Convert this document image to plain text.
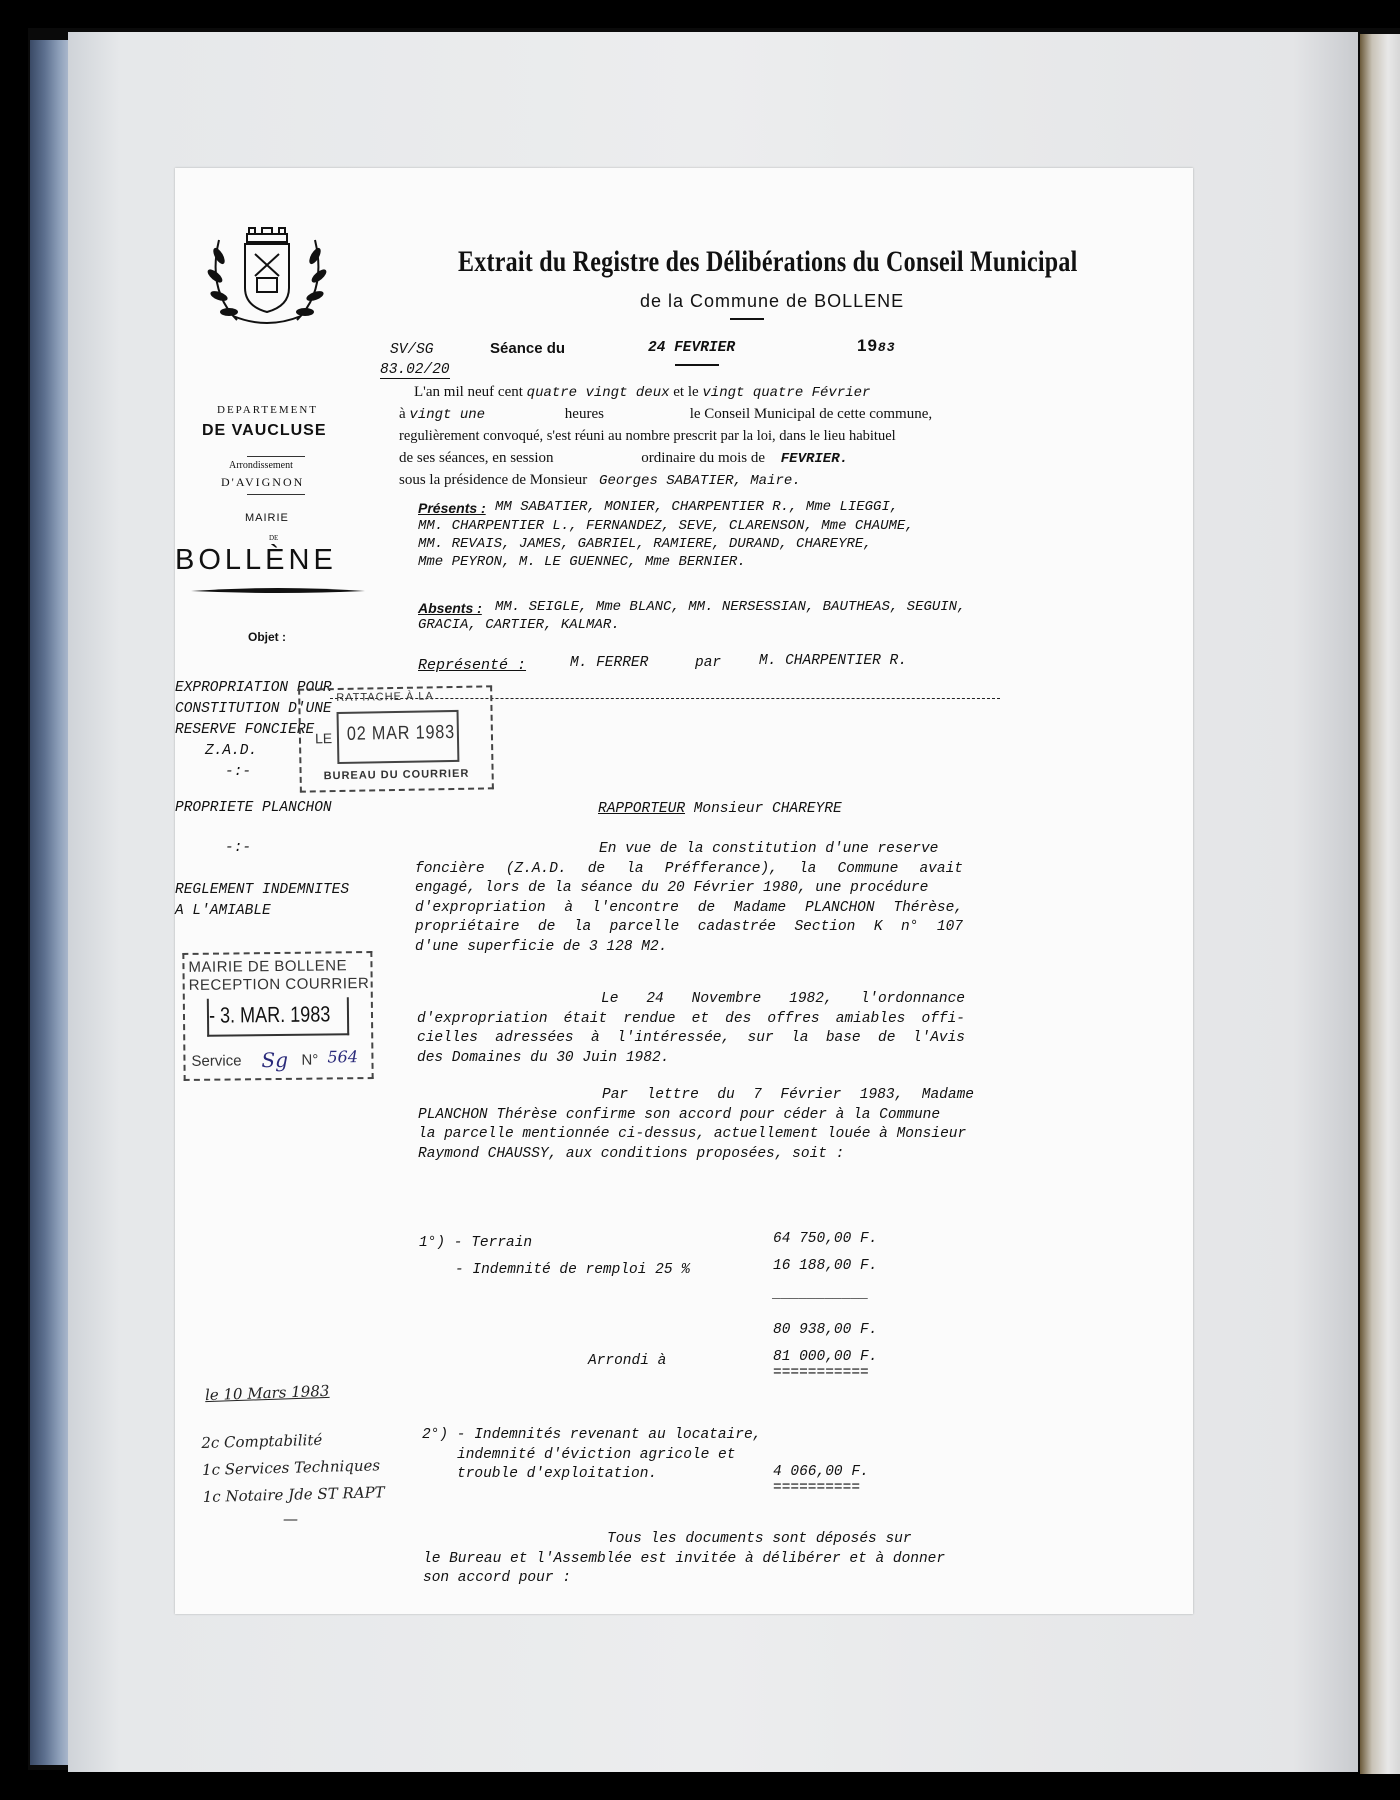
DEPARTEMENT
DE VAUCLUSE
Arrondissement
D'AVIGNON
MAIRIE
DE
BOLLÈNE
Objet :
EXPROPRIATION POUR
CONSTITUTION D'UNE
RESERVE FONCIERE
Z.A.D.
-:-
PROPRIETE PLANCHON
-:-
REGLEMENT INDEMNITES
A L'AMIABLE
Extrait du Registre des Délibérations du Conseil Municipal
de la Commune de BOLLENE
SV/SG
83.02/20
Séance du	24 FEVRIER	1983
L'an mil neuf cent quatre vingt deux et le vingt quatre Février
à vingt une	heures	le Conseil Municipal de cette commune,
regulièrement convoqué, s'est réuni au nombre prescrit par la loi, dans le lieu habituel
de ses séances, en session	ordinaire du mois de FEVRIER.
sous la présidence de Monsieur Georges SABATIER, Maire.
Présents : MM SABATIER, MONIER, CHARPENTIER R., Mme LIEGGI,
MM. CHARPENTIER L., FERNANDEZ, SEVE, CLARENSON, Mme CHAUME,
MM. REVAIS, JAMES, GABRIEL, RAMIERE, DURAND, CHAREYRE,
Mme PEYRON, M. LE GUENNEC, Mme BERNIER.
Absents : MM. SEIGLE, Mme BLANC, MM. NERSESSIAN, BAUTHEAS, SEGUIN,
GRACIA, CARTIER, KALMAR.
Représenté :	M. FERRER	par	M. CHARPENTIER R.
RATTACHE À LA
LE 02 MAR 1983
BUREAU DU COURRIER
RAPPORTEUR Monsieur CHAREYRE
En vue de la constitution d'une reserve
foncière (Z.A.D. de la Préfferance), la Commune avait
engagé, lors de la séance du 20 Février 1980, une procédure
d'expropriation à l'encontre de Madame PLANCHON Thérèse,
propriétaire de la parcelle cadastrée Section K n° 107
d'une superficie de 3 128 M2.
Le 24 Novembre 1982, l'ordonnance
d'expropriation était rendue et des offres amiables offi-
cielles adressées à l'intéressée, sur la base de l'Avis
des Domaines du 30 Juin 1982.
Par lettre du 7 Février 1983, Madame
PLANCHON Thérèse confirme son accord pour céder à la Commune
la parcelle mentionnée ci-dessus, actuellement louée à Monsieur
Raymond CHAUSSY, aux conditions proposées, soit :
MAIRIE DE BOLLENE
RECEPTION COURRIER
- 3. MAR. 1983
Service Sg N° 564
1°) - Terrain	64 750,00 F.
- Indemnité de remploi 25 %	16 188,00 F.
___________
80 938,00 F.
Arrondi à	81 000,00 F.
===========
2°) - Indemnités revenant au locataire,
indemnité d'éviction agricole et
trouble d'exploitation.	4 066,00 F.
==========
Tous les documents sont déposés sur
le Bureau et l'Assemblée est invitée à délibérer et à donner
son accord pour :
le 10 Mars 1983
2c Comptabilité
1c Services Techniques
1c Notaire Jde ST RAPT
—
